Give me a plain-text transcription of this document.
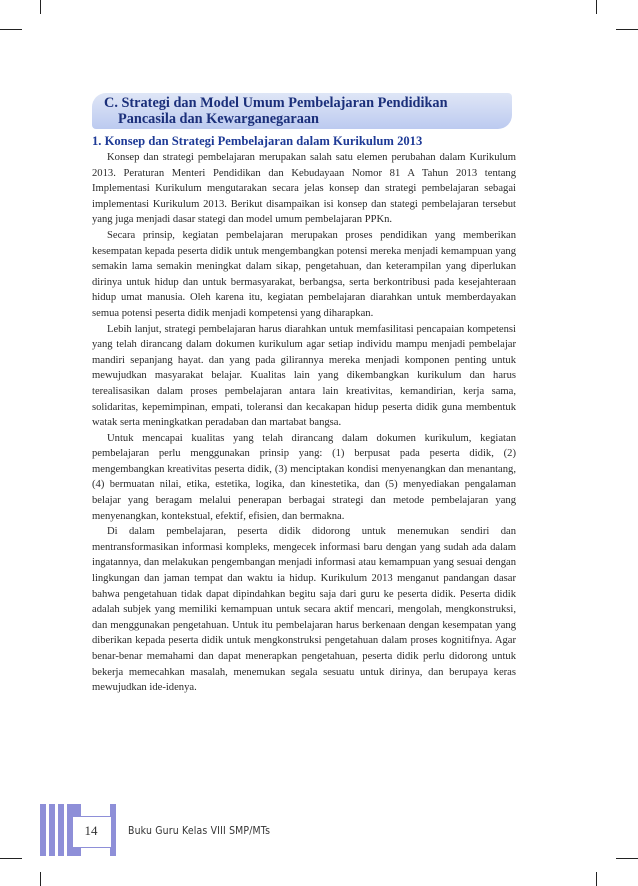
C. Strategi dan Model Umum Pembelajaran Pendidikan
Pancasila dan Kewarganegaraan
1. Konsep dan Strategi Pembelajaran dalam Kurikulum 2013

Konsep dan strategi pembelajaran merupakan salah satu elemen perubahan dalam Kurikulum 2013. Peraturan Menteri Pendidikan dan Kebudayaan Nomor 81 A Tahun 2013 tentang Implementasi Kurikulum mengutarakan secara jelas konsep dan strategi pembelajaran sebagai implementasi Kurikulum 2013. Berikut disampaikan isi konsep dan stategi pembelajaran tersebut yang juga menjadi dasar stategi dan model umum pembelajaran PPKn.

Secara prinsip, kegiatan pembelajaran merupakan proses pendidikan yang memberikan kesempatan kepada peserta didik untuk mengembangkan potensi mereka menjadi kemampuan yang semakin lama semakin meningkat dalam sikap, pengetahuan, dan keterampilan yang diperlukan dirinya untuk hidup dan untuk bermasyarakat, berbangsa, serta berkontribusi pada kesejahteraan hidup umat manusia. Oleh karena itu, kegiatan pembelajaran diarahkan untuk memberdayakan semua potensi peserta didik menjadi kompetensi yang diharapkan.

Lebih lanjut, strategi pembelajaran harus diarahkan untuk memfasilitasi pencapaian kompetensi yang telah dirancang dalam dokumen kurikulum agar setiap individu mampu menjadi pembelajar mandiri sepanjang hayat. dan yang pada gilirannya mereka menjadi komponen penting untuk mewujudkan masyarakat belajar. Kualitas lain yang dikembangkan kurikulum dan harus terealisasikan dalam proses pembelajaran antara lain kreativitas, kemandirian, kerja sama, solidaritas, kepemimpinan, empati, toleransi dan kecakapan hidup peserta didik guna membentuk watak serta meningkatkan peradaban dan martabat bangsa.

Untuk mencapai kualitas yang telah dirancang dalam dokumen kurikulum, kegiatan pembelajaran perlu menggunakan prinsip yang: (1) berpusat pada peserta didik, (2) mengembangkan kreativitas peserta didik, (3) menciptakan kondisi menyenangkan dan menantang, (4) bermuatan nilai, etika, estetika, logika, dan kinestetika, dan (5) menyediakan pengalaman belajar yang beragam melalui penerapan berbagai strategi dan metode pembelajaran yang menyenangkan, kontekstual, efektif, efisien, dan bermakna.

Di dalam pembelajaran, peserta didik didorong untuk menemukan sendiri dan mentransformasikan informasi kompleks, mengecek informasi baru dengan yang sudah ada dalam ingatannya, dan melakukan pengembangan menjadi informasi atau kemampuan yang sesuai dengan lingkungan dan jaman tempat dan waktu ia hidup. Kurikulum 2013 menganut pandangan dasar bahwa pengetahuan tidak dapat dipindahkan begitu saja dari guru ke peserta didik. Peserta didik adalah subjek yang memiliki kemampuan untuk secara aktif mencari, mengolah, mengkonstruksi, dan menggunakan pengetahuan. Untuk itu pembelajaran harus berkenaan dengan kesempatan yang diberikan kepada peserta didik untuk mengkonstruksi pengetahuan dalam proses kognitifnya. Agar benar-benar memahami dan dapat menerapkan pengetahuan, peserta didik perlu didorong untuk bekerja memecahkan masalah, menemukan segala sesuatu untuk dirinya, dan berupaya keras mewujudkan ide-idenya.

14	Buku Guru Kelas VIII SMP/MTs
